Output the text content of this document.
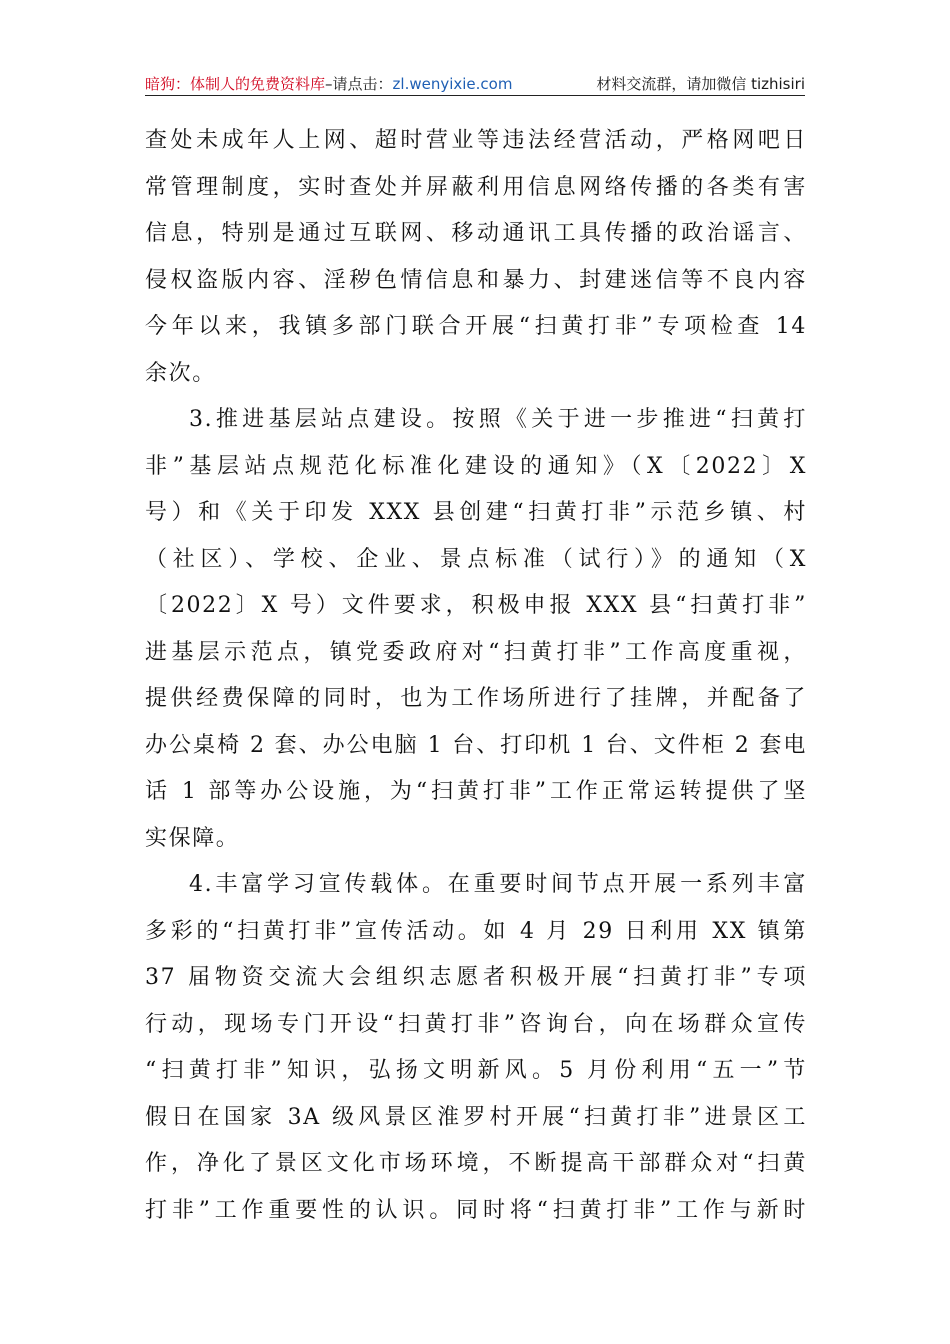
暗狗：体制人的免费资料库 –请点击： zl.wenyixie.com	材料交流群，请加微信 tizhisiri
查处未成年人上网、超时营业等违法经营活动，严格网吧日
常管理制度，实时查处并屏蔽利用信息网络传播的各类有害
信息，特别是通过互联网、移动通讯工具传播的政治谣言、
侵权盗版内容、淫秽色情信息和暴力、封建迷信等不良内容
今年以来，我镇多部门联合开展“扫黄打非”专项检查 14
余次。
3.推进基层站点建设。按照《关于进一步推进“扫黄打
非”基层站点规范化标准化建设的通知》（X〔2022〕X
号）和《关于印发 XXX 县创建“扫黄打非”示范乡镇、村
（社区）、学校、企业、景点标准（试行）》的通知（X
〔2022〕X 号）文件要求，积极申报 XXX 县“扫黄打非”
进基层示范点，镇党委政府对“扫黄打非”工作高度重视，
提供经费保障的同时，也为工作场所进行了挂牌，并配备了
办公桌椅 2 套、办公电脑 1 台、打印机 1 台、文件柜 2 套电
话 1 部等办公设施，为“扫黄打非”工作正常运转提供了坚
实保障。
4.丰富学习宣传载体。在重要时间节点开展一系列丰富
多彩的“扫黄打非”宣传活动。如 4 月 29 日利用 XX 镇第
37 届物资交流大会组织志愿者积极开展“扫黄打非”专项
行动，现场专门开设“扫黄打非”咨询台，向在场群众宣传
“扫黄打非”知识，弘扬文明新风。5 月份利用“五一”节
假日在国家 3A 级风景区淮罗村开展“扫黄打非”进景区工
作，净化了景区文化市场环境，不断提高干部群众对“扫黄
打非”工作重要性的认识。同时将“扫黄打非”工作与新时
